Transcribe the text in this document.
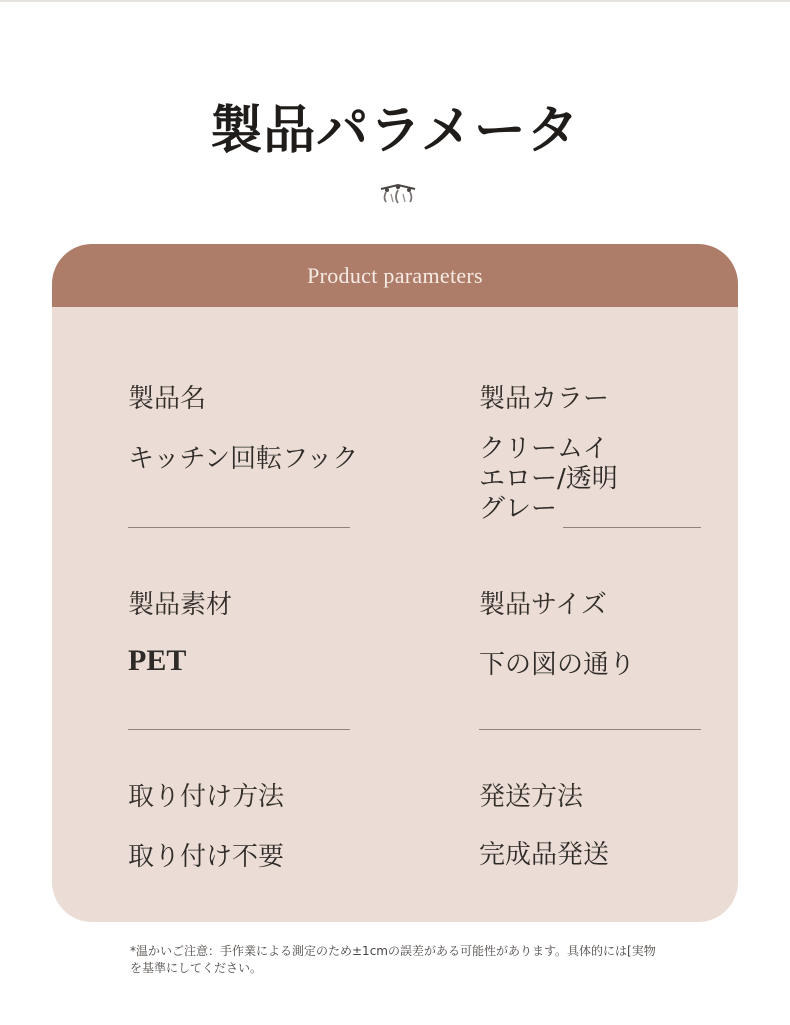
製品パラメータ
Product parameters
製品名
キッチン回転フック
製品カラー
クリームイ
エロー/透明
グレー
製品素材
PET
製品サイズ
下の図の通り
取り付け方法
取り付け不要
発送方法
完成品発送
*温かいご注意：手作業による測定のため±1cmの誤差がある可能性があります。具体的には[実物
を基準にしてください。
